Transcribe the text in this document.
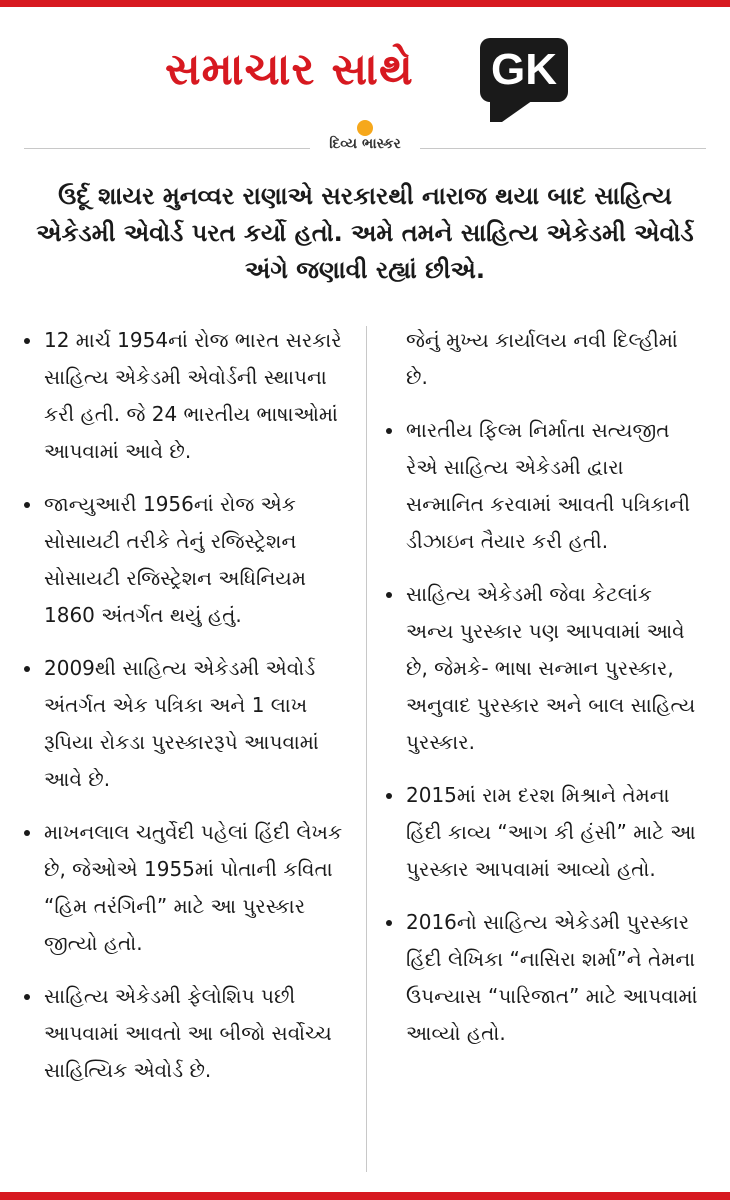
સમાચાર સાથે GK
દિવ્ય ભાસ્કર
ઉર્દૂ શાયર મુનવ્વર રાણાએ સરકારથી નારાજ થયા બાદ સાહિત્ય એકેડમી એવોર્ડ પરત કર્યો હતો. અમે તમને સાહિત્ય એકેડમી એવોર્ડ અંગે જણાવી રહ્યાં છીએ.
12 માર્ચ 1954નાં રોજ ભારત સરકારે સાહિત્ય એકેડમી એવોર્ડની સ્થાપના કરી હતી. જે 24 ભારતીય ભાષાઓમાં આપવામાં આવે છે.
જાન્યુઆરી 1956નાં રોજ એક સોસાયટી તરીકે તેનું રજિસ્ટ્રેશન સોસાયટી રજિસ્ટ્રેશન અધિનિયમ 1860 અંતર્ગત થયું હતું.
2009થી સાહિત્ય એકેડમી એવોર્ડ અંતર્ગત એક પત્રિકા અને 1 લાખ રૂપિયા રોકડા પુરસ્કારરૂપે આપવામાં આવે છે.
માખનલાલ ચતુર્વેદી પહેલાં હિંદી લેખક છે, જેઓએ 1955માં પોતાની કવિતા “હિમ તરંગિની” માટે આ પુરસ્કાર જીત્યો હતો.
સાહિત્ય એકેડમી ફેલોશિપ પછી આપવામાં આવતો આ બીજો સર્વોચ્ચ સાહિત્યિક એવોર્ડ છે.
જેનું મુખ્ય કાર્યાલય નવી દિલ્હીમાં છે.
ભારતીય ફિલ્મ નિર્માતા સત્યજીત રેએ સાહિત્ય એકેડમી દ્વારા સન્માનિત કરવામાં આવતી પત્રિકાની ડીઝાઇન તૈયાર કરી હતી.
સાહિત્ય એકેડમી જેવા કેટલાંક અન્ય પુરસ્કાર પણ આપવામાં આવે છે, જેમકે- ભાષા સન્માન પુરસ્કાર, અનુવાદ પુરસ્કાર અને બાલ સાહિત્ય પુરસ્કાર.
2015માં રામ દરશ મિશ્રાને તેમના હિંદી કાવ્ય “આગ કી હંસી” માટે આ પુરસ્કાર આપવામાં આવ્યો હતો.
2016નો સાહિત્ય એકેડમી પુરસ્કાર હિંદી લેખિકા “નાસિરા શર્મા”ને તેમના ઉપન્યાસ “પારિજાત” માટે આપવામાં આવ્યો હતો.
